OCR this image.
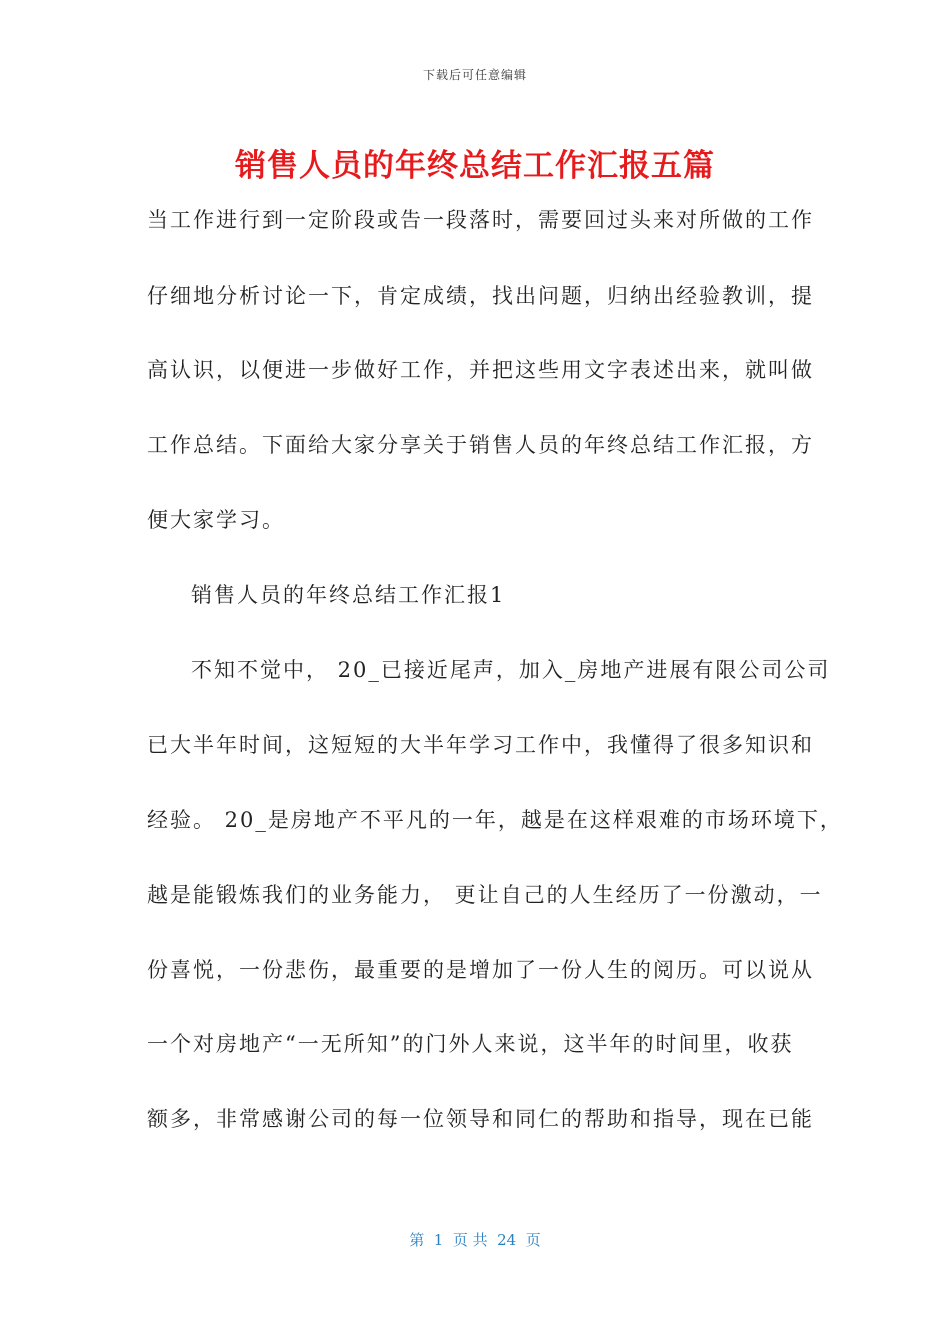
下载后可任意编辑
销售人员的年终总结工作汇报五篇
当工作进行到一定阶段或告一段落时，需要回过头来对所做的工作
仔细地分析讨论一下，肯定成绩，找出问题，归纳出经验教训，提
高认识，以便进一步做好工作，并把这些用文字表述出来，就叫做
工作总结。下面给大家分享关于销售人员的年终总结工作汇报，方
便大家学习。
销售人员的年终总结工作汇报1
不知不觉中， 20_已接近尾声，加入_房地产进展有限公司公司
已大半年时间，这短短的大半年学习工作中，我懂得了很多知识和
经验。 20_是房地产不平凡的一年，越是在这样艰难的市场环境下，
越是能锻炼我们的业务能力， 更让自己的人生经历了一份激动，一
份喜悦，一份悲伤，最重要的是增加了一份人生的阅历。可以说从
一个对房地产“一无所知”的门外人来说，这半年的时间里，收获
额多，非常感谢公司的每一位领导和同仁的帮助和指导，现在已能
第  1  页 共  24  页
